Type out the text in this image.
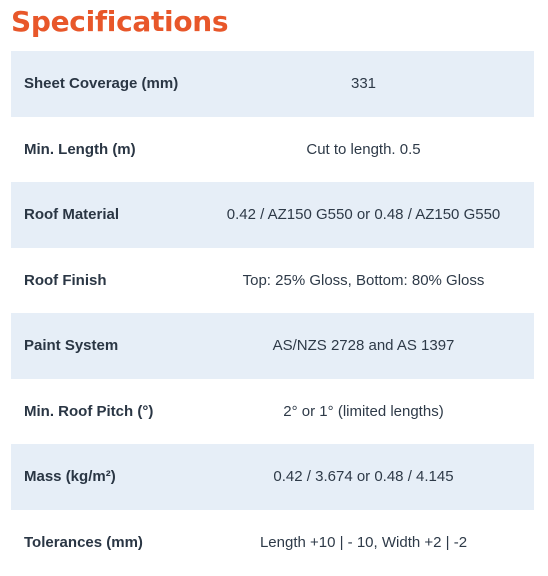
Specifications
Sheet Coverage (mm)	331
Min. Length (m)	Cut to length. 0.5
Roof Material	0.42 / AZ150 G550 or 0.48 / AZ150 G550
Roof Finish	Top: 25% Gloss, Bottom: 80% Gloss
Paint System	AS/NZS 2728 and AS 1397
Min. Roof Pitch (°)	2° or 1° (limited lengths)
Mass (kg/m²)	0.42 / 3.674 or 0.48 / 4.145
Tolerances (mm)	Length +10 | - 10, Width +2 | -2
